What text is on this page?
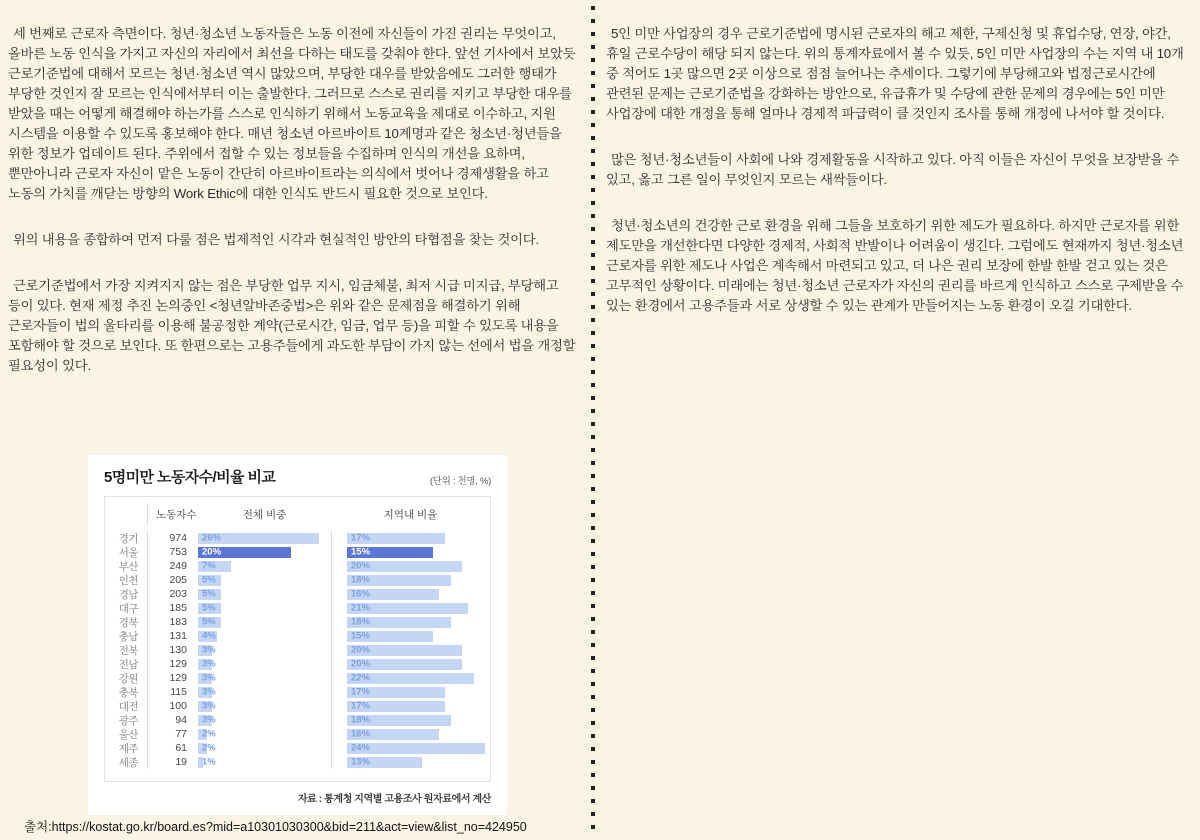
세 번째로 근로자 측면이다. 청년·청소년 노동자들은 노동 이전에 자신들이 가진 권리는 무엇이고, 올바른 노동 인식을 가지고 자신의 자리에서 최선을 다하는 태도를 갖춰야 한다. 앞선 기사에서 보았듯 근로기준법에 대해서 모르는 청년·청소년 역시 많았으며, 부당한 대우를 받았음에도 그러한 행태가 부당한 것인지 잘 모르는 인식에서부터 이는 출발한다. 그러므로 스스로 권리를 지키고 부당한 대우를 받았을 때는 어떻게 해결해야 하는가를 스스로 인식하기 위해서 노동교육을 제대로 이수하고, 지원 시스템을 이용할 수 있도록 홍보해야 한다. 매년 청소년 아르바이트 10계명과 같은 청소년·청년들을 위한 정보가 업데이트 된다. 주위에서 접할 수 있는 정보들을 수집하며 인식의 개선을 요하며, 뿐만아니라 근로자 자신이 맡은 노동이 간단히 아르바이트라는 의식에서 벗어나 경제생활을 하고 노동의 가치를 깨닫는 방향의 Work Ethic에 대한 인식도 반드시 필요한 것으로 보인다.

위의 내용을 종합하여 먼저 다룰 점은 법제적인 시각과 현실적인 방안의 타협점을 찾는 것이다.

근로기준법에서 가장 지켜지지 않는 점은 부당한 업무 지시, 임금체불, 최저 시급 미지급, 부당해고 등이 있다. 현재 제정 추진 논의중인 <청년알바존중법>은 위와 같은 문제점을 해결하기 위해 근로자들이 법의 울타리를 이용해 불공정한 계약(근로시간, 임금, 업무 등)을 피할 수 있도록 내용을 포함해야 할 것으로 보인다. 또 한편으로는 고용주들에게 과도한 부담이 가지 않는 선에서 법을 개정할 필요성이 있다.

5인 미만 사업장의 경우 근로기준법에 명시된 근로자의 해고 제한, 구제신청 및 휴업수당, 연장, 야간, 휴일 근로수당이 해당 되지 않는다. 위의 통계자료에서 볼 수 있듯, 5인 미만 사업장의 수는 지역 내 10개 중 적어도 1곳 많으면 2곳 이상으로 점점 늘어나는 추세이다. 그렇기에 부당해고와 법정근로시간에 관련된 문제는 근로기준법을 강화하는 방안으로, 유급휴가 및 수당에 관한 문제의 경우에는 5인 미만 사업장에 대한 개정을 통해 얼마나 경제적 파급력이 클 것인지 조사를 통해 개정에 나서야 할 것이다.

많은 청년·청소년들이 사회에 나와 경제활동을 시작하고 있다. 아직 이들은 자신이 무엇을 보장받을 수 있고, 옳고 그른 일이 무엇인지 모르는 새싹들이다.

청년·청소년의 건강한 근로 환경을 위해 그들을 보호하기 위한 제도가 필요하다. 하지만 근로자를 위한 제도만을 개선한다면 다양한 경제적, 사회적 반발이나 어려움이 생긴다. 그럼에도 현재까지 청년·청소년 근로자를 위한 제도나 사업은 계속해서 마련되고 있고, 더 나은 권리 보장에 한발 한발 걷고 있는 것은 고무적인 상황이다. 미래에는 청년·청소년 근로자가 자신의 권리를 바르게 인식하고 스스로 구제받을 수 있는 환경에서 고용주들과 서로 상생할 수 있는 관계가 만들어지는 노동 환경이 오길 기대한다.

5명미만 노동자수/비율 비교	(단위 : 천명, %)
노동자수	전체 비중	지역내 비율
경기	974	26%	17%
서울	753	20%	15%
부산	249	7%	20%
인천	205	5%	18%
경남	203	5%	16%
대구	185	5%	21%
경북	183	5%	18%
충남	131	4%	15%
전북	130	3%	20%
전남	129	3%	20%
강원	129	3%	22%
충북	115	3%	17%
대전	100	3%	17%
광주	94	3%	18%
울산	77	2%	16%
제주	61	2%	24%
세종	19	1%	13%
자료 : 통계청 지역별 고용조사 원자료에서 계산
출처:https://kostat.go.kr/board.es?mid=a10301030300&bid=211&act=view&list_no=424950
